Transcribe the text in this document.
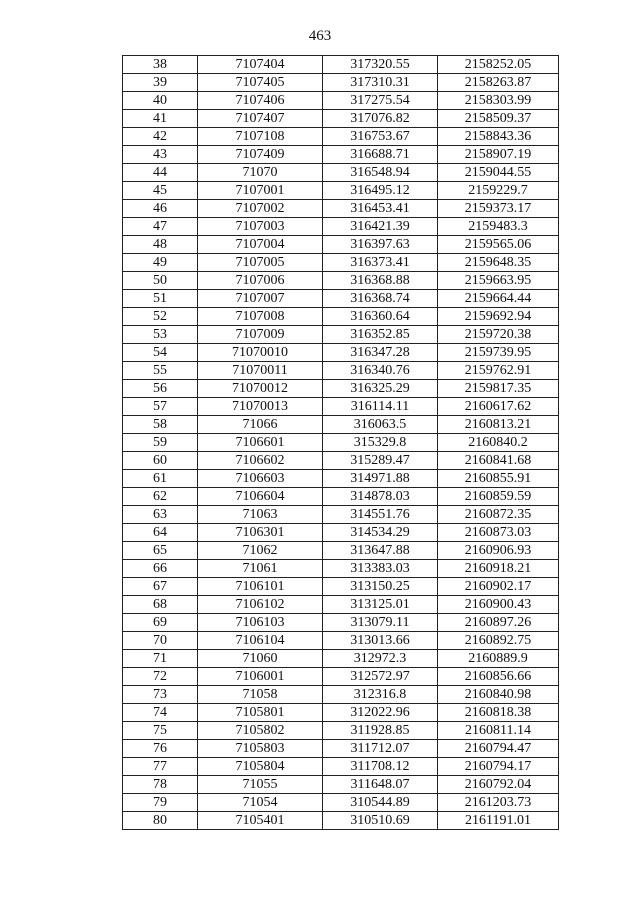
463
38	7107404	317320.55	2158252.05
39	7107405	317310.31	2158263.87
40	7107406	317275.54	2158303.99
41	7107407	317076.82	2158509.37
42	7107108	316753.67	2158843.36
43	7107409	316688.71	2158907.19
44	71070	316548.94	2159044.55
45	7107001	316495.12	2159229.7
46	7107002	316453.41	2159373.17
47	7107003	316421.39	2159483.3
48	7107004	316397.63	2159565.06
49	7107005	316373.41	2159648.35
50	7107006	316368.88	2159663.95
51	7107007	316368.74	2159664.44
52	7107008	316360.64	2159692.94
53	7107009	316352.85	2159720.38
54	71070010	316347.28	2159739.95
55	71070011	316340.76	2159762.91
56	71070012	316325.29	2159817.35
57	71070013	316114.11	2160617.62
58	71066	316063.5	2160813.21
59	7106601	315329.8	2160840.2
60	7106602	315289.47	2160841.68
61	7106603	314971.88	2160855.91
62	7106604	314878.03	2160859.59
63	71063	314551.76	2160872.35
64	7106301	314534.29	2160873.03
65	71062	313647.88	2160906.93
66	71061	313383.03	2160918.21
67	7106101	313150.25	2160902.17
68	7106102	313125.01	2160900.43
69	7106103	313079.11	2160897.26
70	7106104	313013.66	2160892.75
71	71060	312972.3	2160889.9
72	7106001	312572.97	2160856.66
73	71058	312316.8	2160840.98
74	7105801	312022.96	2160818.38
75	7105802	311928.85	2160811.14
76	7105803	311712.07	2160794.47
77	7105804	311708.12	2160794.17
78	71055	311648.07	2160792.04
79	71054	310544.89	2161203.73
80	7105401	310510.69	2161191.01
